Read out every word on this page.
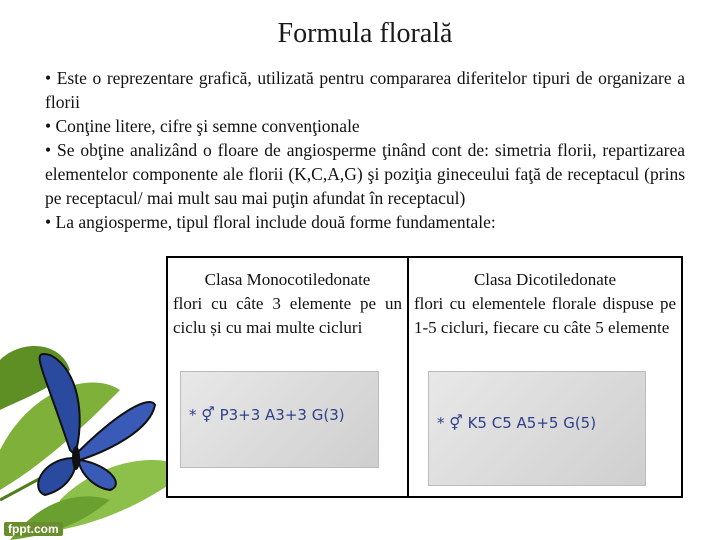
Formula florală

• Este o reprezentare grafică, utilizată pentru compararea diferitelor tipuri de organizare a florii

• Conţine litere, cifre şi semne convenţionale

• Se obţine analizând o floare de angiosperme ţinând cont de: simetria florii, repartizarea elementelor componente ale florii (K,C,A,G) şi poziţia gineceului faţă de receptacul (prins pe receptacul/ mai mult sau mai puţin afundat în receptacul)

• La angiosperme, tipul floral include două forme fundamentale:

fppt.com
Clasa Monocotiledonate
flori cu câte 3 elemente pe un ciclu și cu mai multe cicluri
* ⚥ P3+3 A3+3 G(3)
Clasa Dicotiledonate
flori cu elementele florale dispuse pe 1-5 cicluri, fiecare cu câte 5 elemente
* ⚥ K5 C5 A5+5 G(5)
